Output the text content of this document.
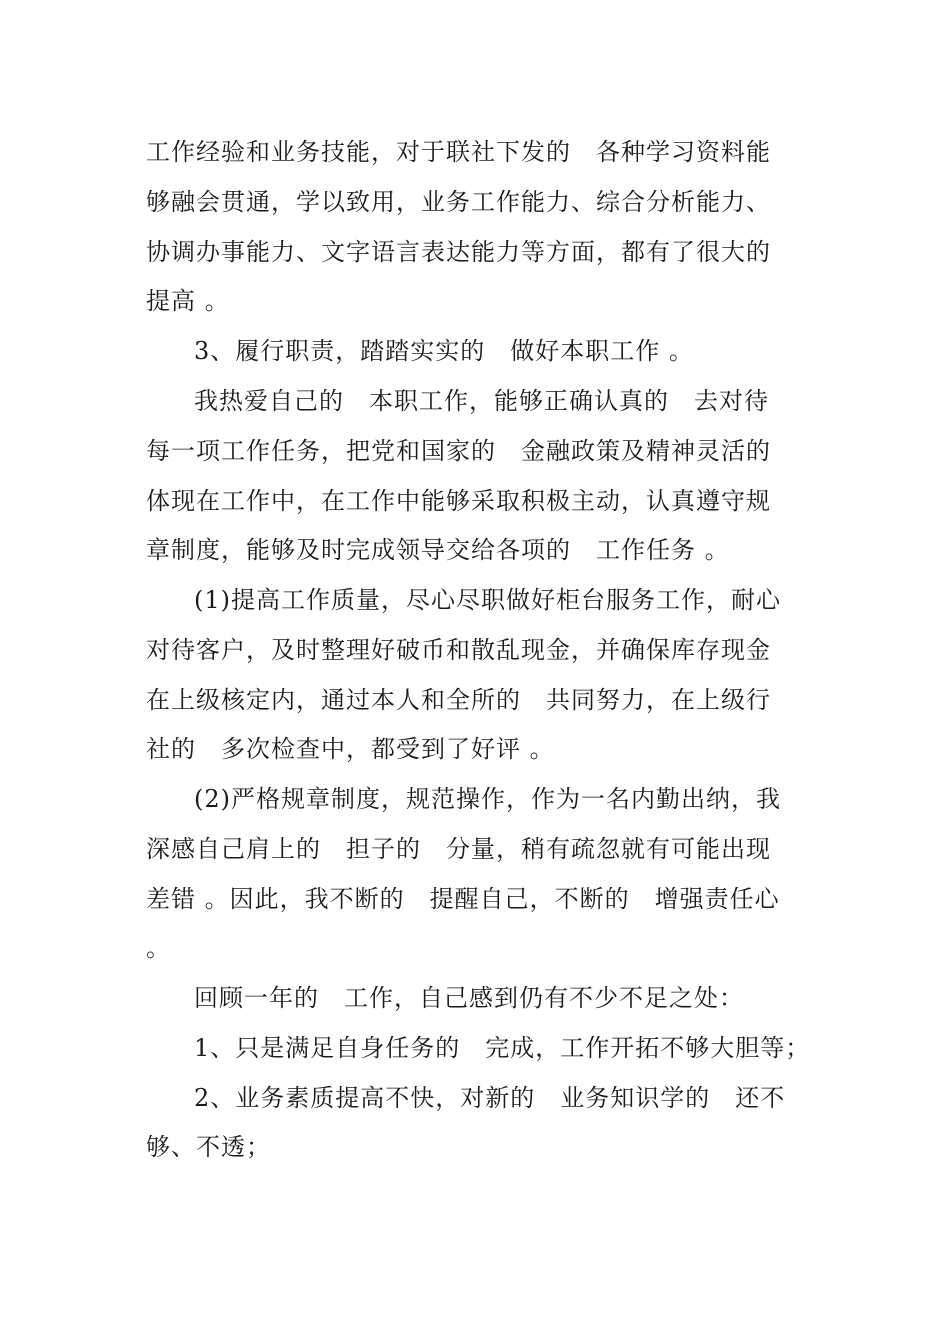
工作经验和业务技能，对于联社下发的　各种学习资料能
够融会贯通，学以致用，业务工作能力、综合分析能力、
协调办事能力、文字语言表达能力等方面，都有了很大的
提高 。
3、履行职责，踏踏实实的　做好本职工作 。
我热爱自己的　本职工作，能够正确认真的　去对待
每一项工作任务，把党和国家的　金融政策及精神灵活的
体现在工作中，在工作中能够采取积极主动，认真遵守规
章制度，能够及时完成领导交给各项的　工作任务 。
(1)提高工作质量，尽心尽职做好柜台服务工作，耐心
对待客户，及时整理好破币和散乱现金，并确保库存现金
在上级核定内，通过本人和全所的　共同努力，在上级行
社的　多次检查中，都受到了好评 。
(2)严格规章制度，规范操作，作为一名内勤出纳，我
深感自己肩上的　担子的　分量，稍有疏忽就有可能出现
差错 。因此，我不断的　提醒自己，不断的　增强责任心
。
回顾一年的　工作，自己感到仍有不少不足之处：
1、只是满足自身任务的　完成，工作开拓不够大胆等；
2、业务素质提高不快，对新的　业务知识学的　还不
够、不透；
